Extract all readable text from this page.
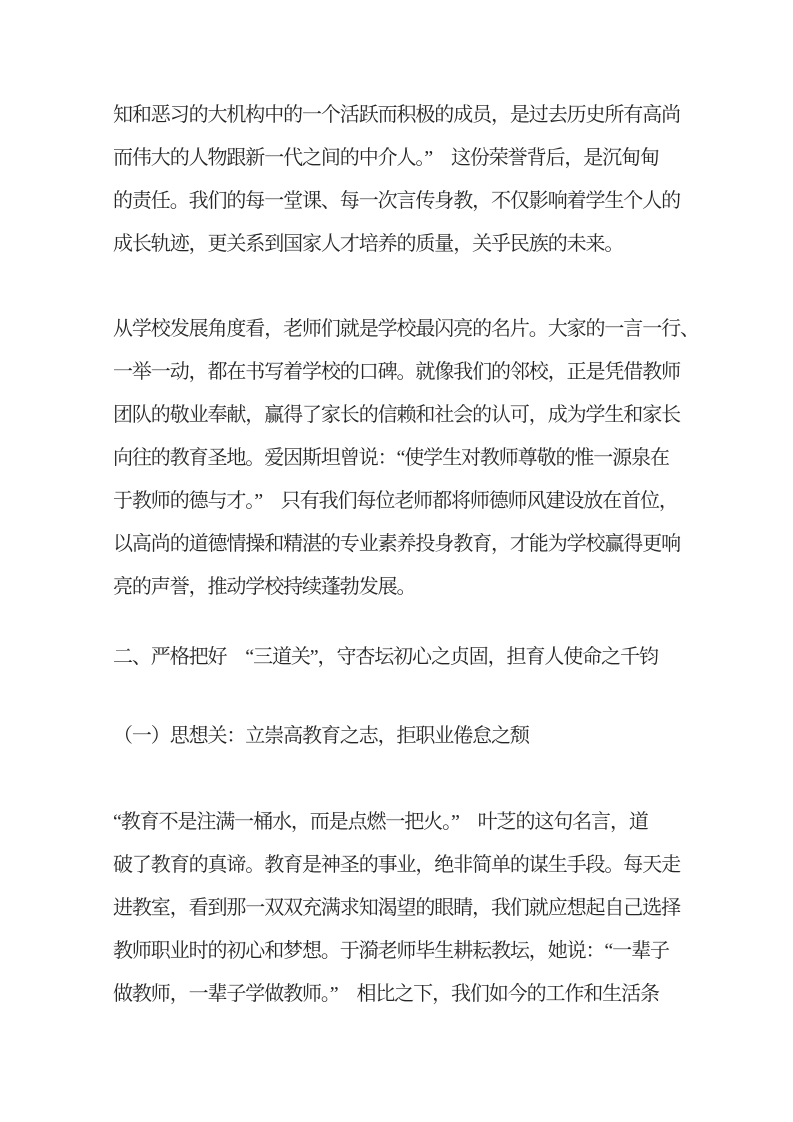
知和恶习的大机构中的一个活跃而积极的成员，是过去历史所有高尚
而伟大的人物跟新一代之间的中介人。”　这份荣誉背后，是沉甸甸
的责任。我们的每一堂课、每一次言传身教，不仅影响着学生个人的
成长轨迹，更关系到国家人才培养的质量，关乎民族的未来。
从学校发展角度看，老师们就是学校最闪亮的名片。大家的一言一行、
一举一动，都在书写着学校的口碑。就像我们的邻校，正是凭借教师
团队的敬业奉献，赢得了家长的信赖和社会的认可，成为学生和家长
向往的教育圣地。爱因斯坦曾说：“使学生对教师尊敬的惟一源泉在
于教师的德与才。”　只有我们每位老师都将师德师风建设放在首位，
以高尚的道德情操和精湛的专业素养投身教育，才能为学校赢得更响
亮的声誉，推动学校持续蓬勃发展。
二、严格把好　“三道关”，守杏坛初心之贞固，担育人使命之千钧
（一）思想关：立崇高教育之志，拒职业倦怠之颓
“教育不是注满一桶水，而是点燃一把火。”　叶芝的这句名言，道
破了教育的真谛。教育是神圣的事业，绝非简单的谋生手段。每天走
进教室，看到那一双双充满求知渴望的眼睛，我们就应想起自己选择
教师职业时的初心和梦想。于漪老师毕生耕耘教坛，她说：“一辈子
做教师，一辈子学做教师。”　相比之下，我们如今的工作和生活条
